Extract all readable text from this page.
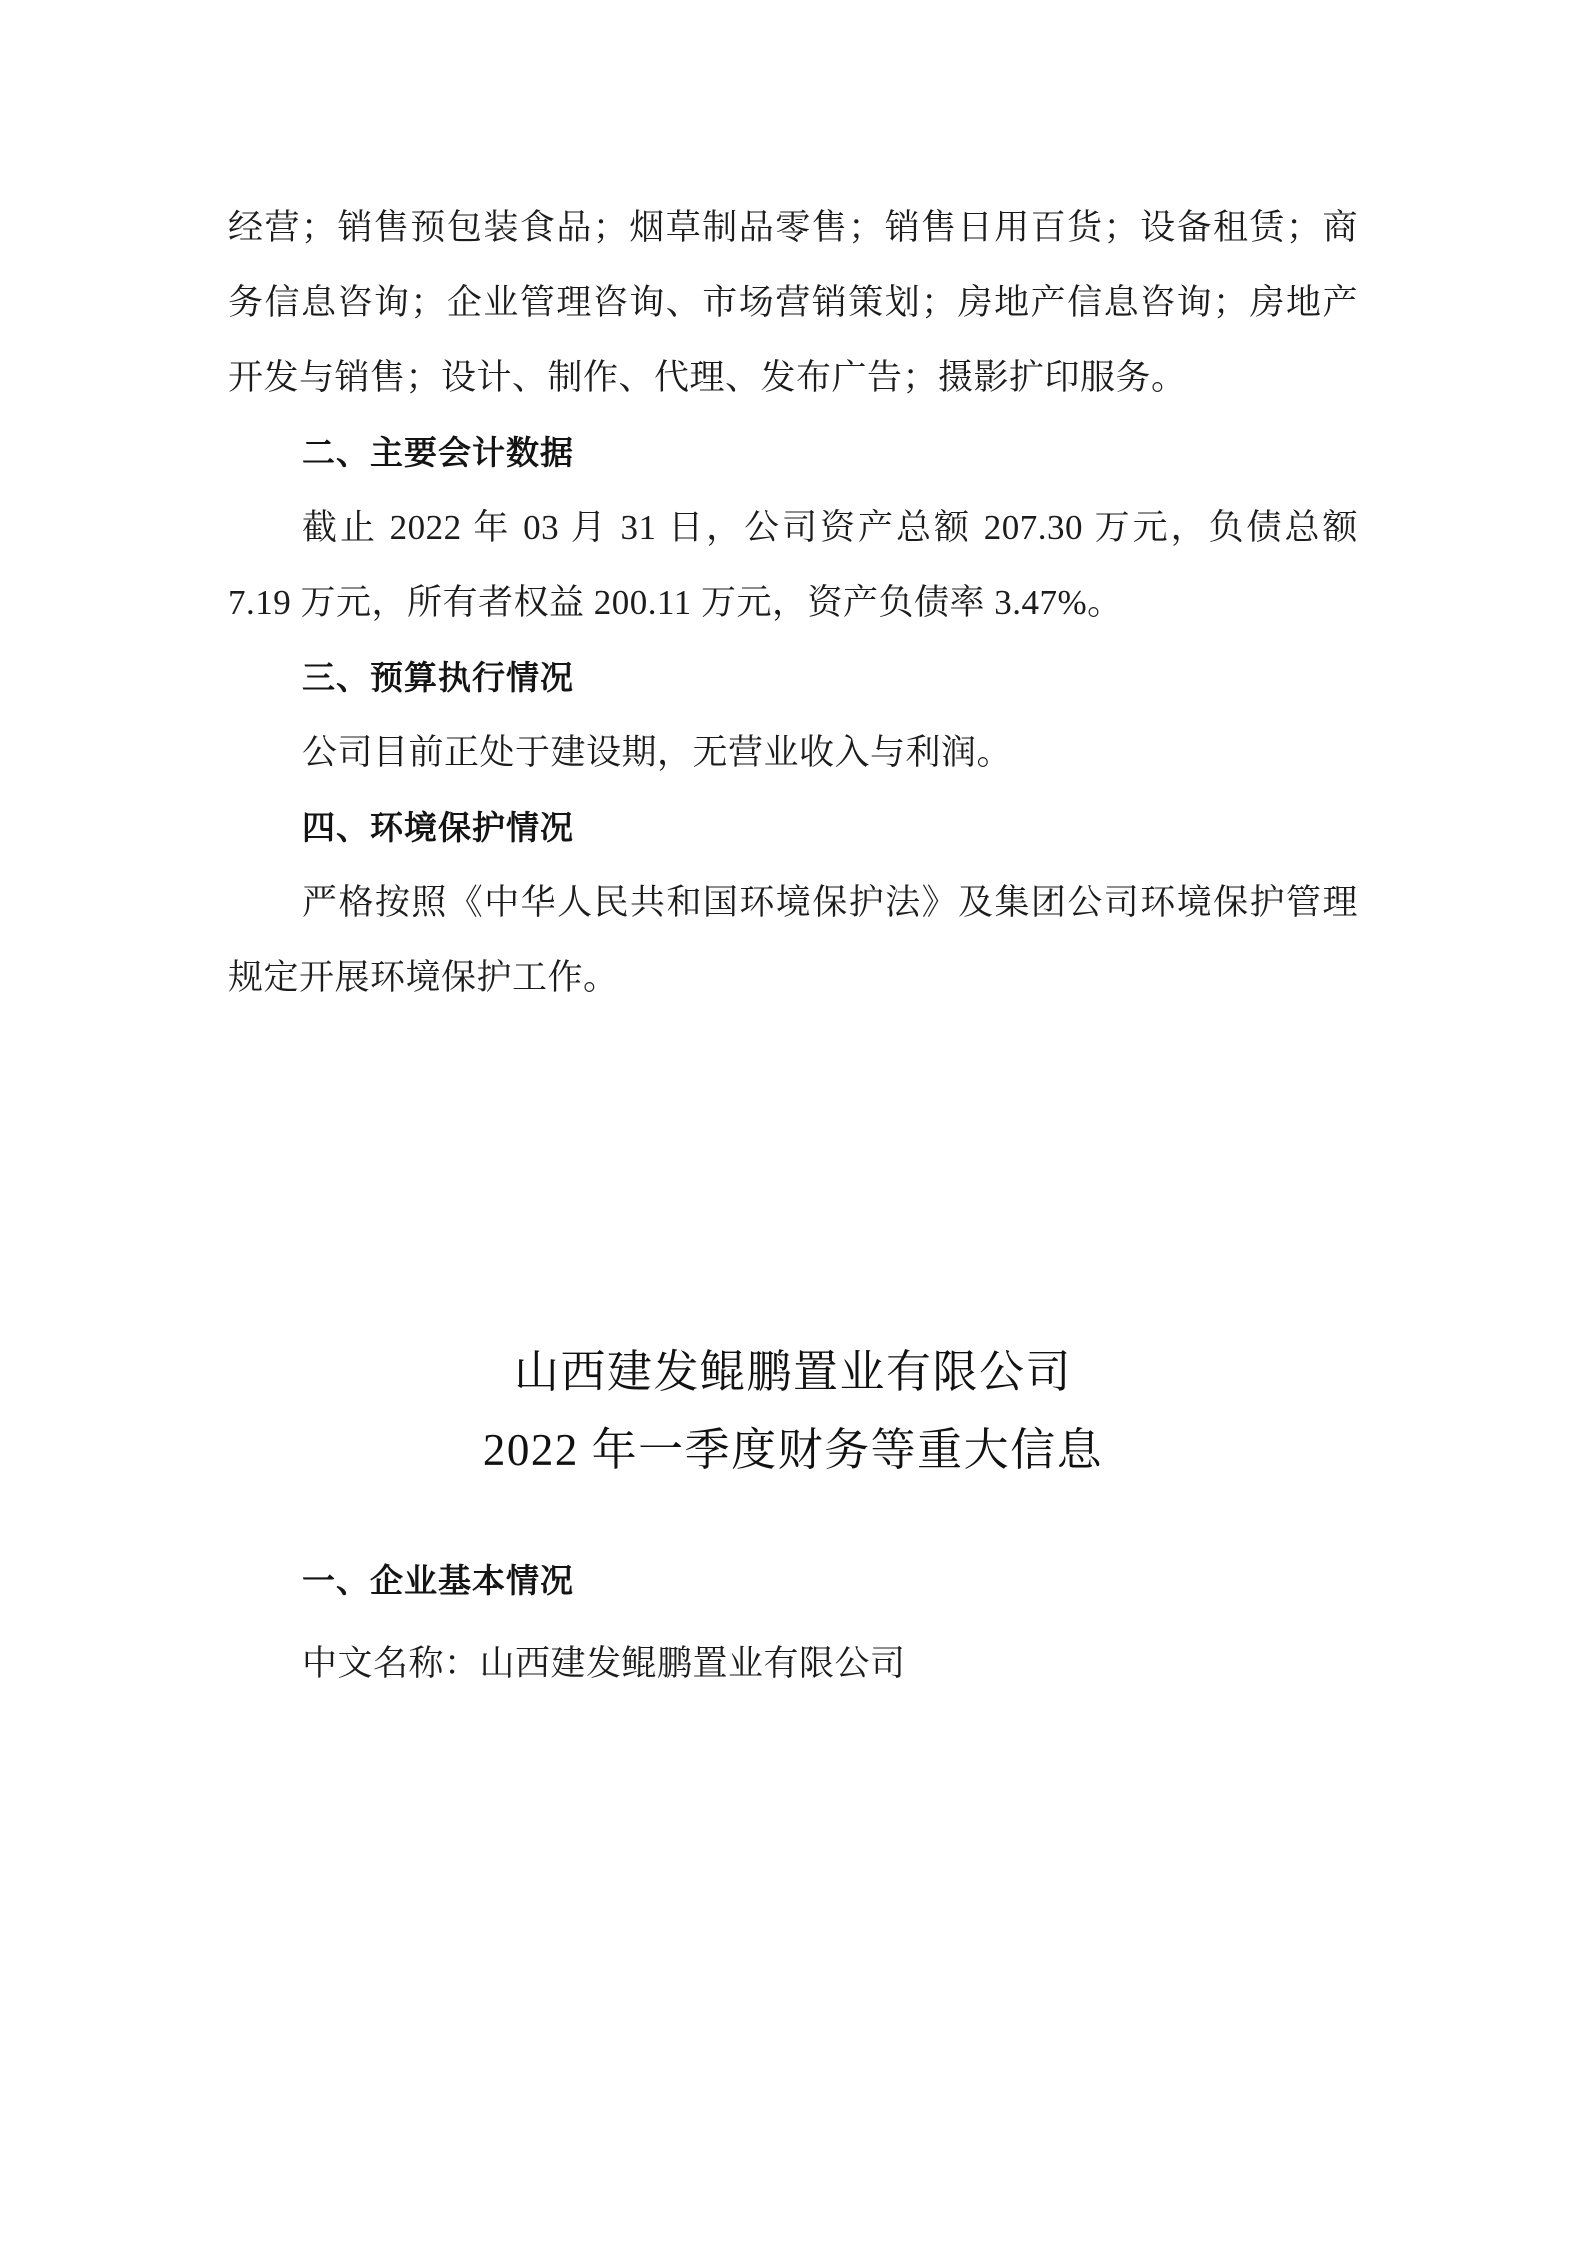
经营；销售预包装食品；烟草制品零售；销售日用百货；设备租赁；商务信息咨询；企业管理咨询、市场营销策划；房地产信息咨询；房地产开发与销售；设计、制作、代理、发布广告；摄影扩印服务。

二、主要会计数据

截止 2022 年 03 月 31 日，公司资产总额 207.30 万元，负债总额 7.19 万元，所有者权益 200.11 万元，资产负债率 3.47%。

三、预算执行情况

公司目前正处于建设期，无营业收入与利润。

四、环境保护情况

严格按照《中华人民共和国环境保护法》及集团公司环境保护管理规定开展环境保护工作。

山西建发鲲鹏置业有限公司
2022 年一季度财务等重大信息
一、企业基本情况

中文名称：山西建发鲲鹏置业有限公司
